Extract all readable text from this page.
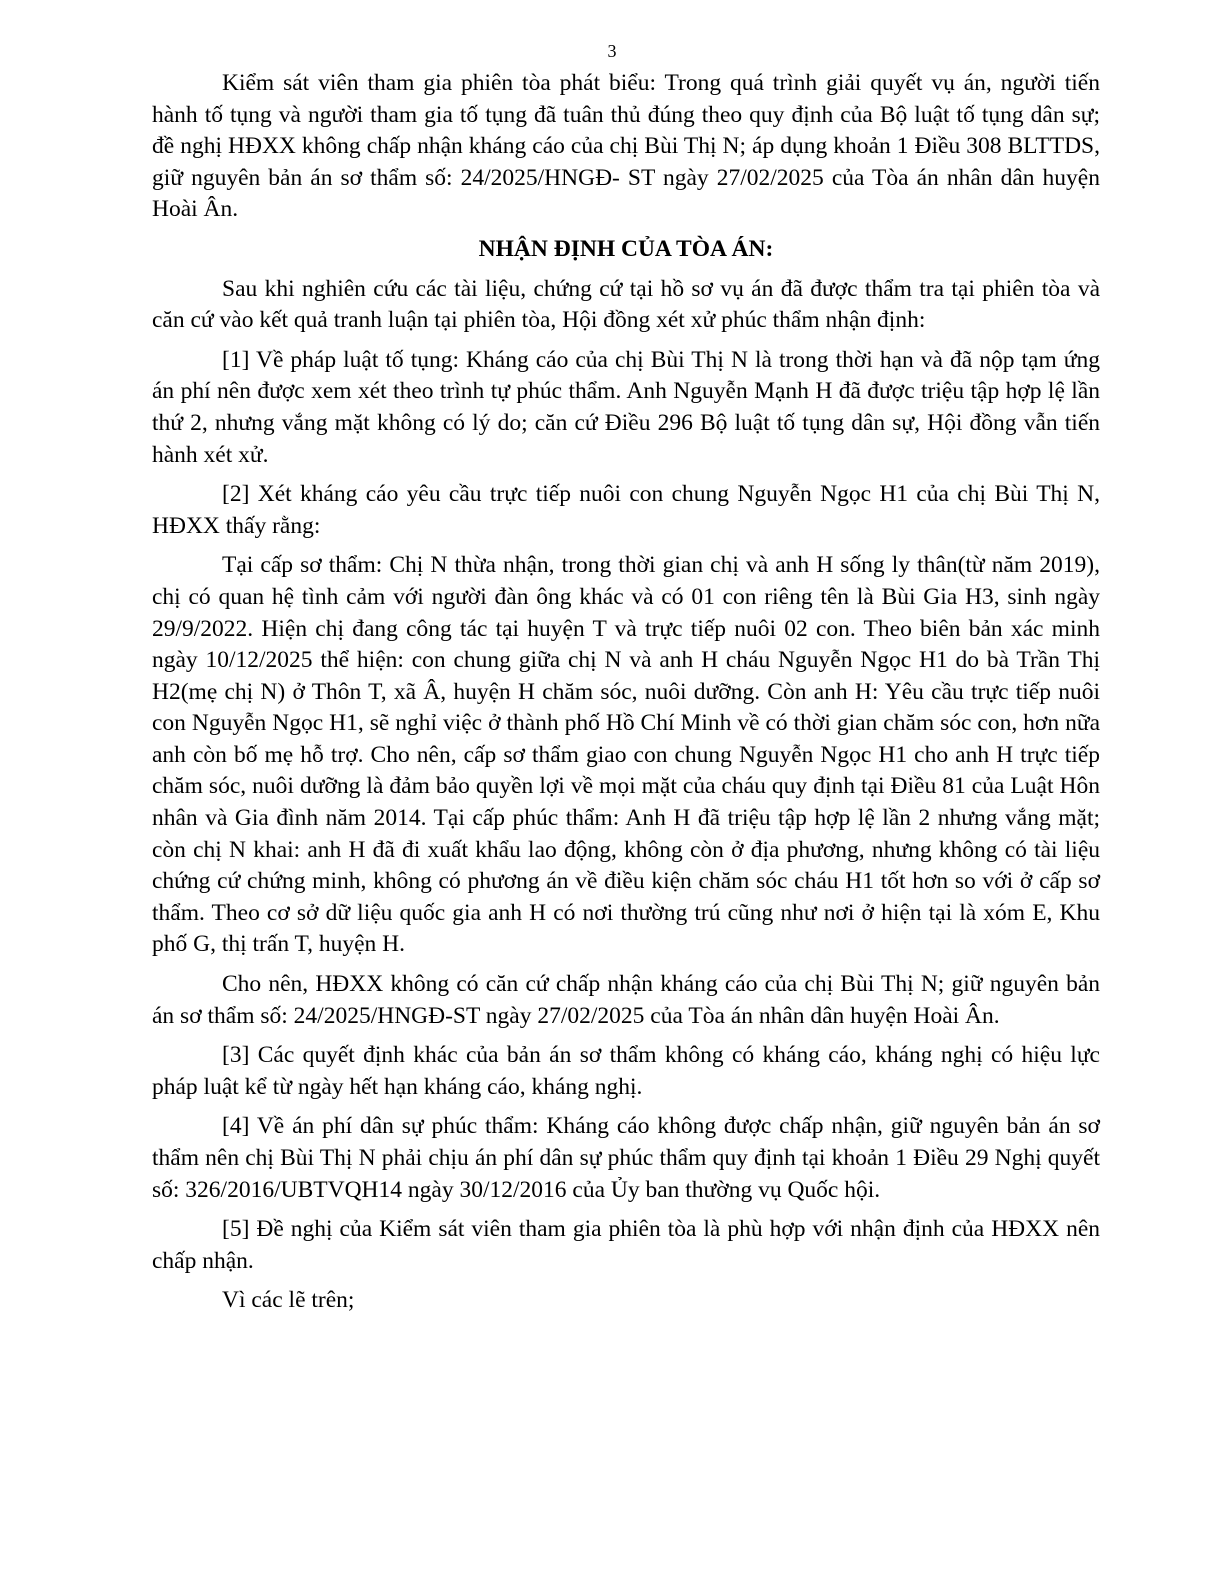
3

Kiểm sát viên tham gia phiên tòa phát biểu: Trong quá trình giải quyết vụ án, người tiến hành tố tụng và người tham gia tố tụng đã tuân thủ đúng theo quy định của Bộ luật tố tụng dân sự; đề nghị HĐXX không chấp nhận kháng cáo của chị Bùi Thị N; áp dụng khoản 1 Điều 308 BLTTDS, giữ nguyên bản án sơ thẩm số: 24/2025/HNGĐ- ST ngày 27/02/2025 của Tòa án nhân dân huyện Hoài Ân.

NHẬN ĐỊNH CỦA TÒA ÁN:

Sau khi nghiên cứu các tài liệu, chứng cứ tại hồ sơ vụ án đã được thẩm tra tại phiên tòa và căn cứ vào kết quả tranh luận tại phiên tòa, Hội đồng xét xử phúc thẩm nhận định:

[1] Về pháp luật tố tụng: Kháng cáo của chị Bùi Thị N là trong thời hạn và đã nộp tạm ứng án phí nên được xem xét theo trình tự phúc thẩm. Anh Nguyễn Mạnh H đã được triệu tập hợp lệ lần thứ 2, nhưng vắng mặt không có lý do; căn cứ Điều 296 Bộ luật tố tụng dân sự, Hội đồng vẫn tiến hành xét xử.

[2] Xét kháng cáo yêu cầu trực tiếp nuôi con chung Nguyễn Ngọc H1 của chị Bùi Thị N, HĐXX thấy rằng:

Tại cấp sơ thẩm: Chị N thừa nhận, trong thời gian chị và anh H sống ly thân(từ năm 2019), chị có quan hệ tình cảm với người đàn ông khác và có 01 con riêng tên là Bùi Gia H3, sinh ngày 29/9/2022. Hiện chị đang công tác tại huyện T và trực tiếp nuôi 02 con. Theo biên bản xác minh ngày 10/12/2025 thể hiện: con chung giữa chị N và anh H cháu Nguyễn Ngọc H1 do bà Trần Thị H2(mẹ chị N) ở Thôn T, xã Â, huyện H chăm sóc, nuôi dưỡng. Còn anh H: Yêu cầu trực tiếp nuôi con Nguyễn Ngọc H1, sẽ nghỉ việc ở thành phố Hồ Chí Minh về có thời gian chăm sóc con, hơn nữa anh còn bố mẹ hỗ trợ. Cho nên, cấp sơ thẩm giao con chung Nguyễn Ngọc H1 cho anh H trực tiếp chăm sóc, nuôi dưỡng là đảm bảo quyền lợi về mọi mặt của cháu quy định tại Điều 81 của Luật Hôn nhân và Gia đình năm 2014. Tại cấp phúc thẩm: Anh H đã triệu tập hợp lệ lần 2 nhưng vắng mặt; còn chị N khai: anh H đã đi xuất khẩu lao động, không còn ở địa phương, nhưng không có tài liệu chứng cứ chứng minh, không có phương án về điều kiện chăm sóc cháu H1 tốt hơn so với ở cấp sơ thẩm. Theo cơ sở dữ liệu quốc gia anh H có nơi thường trú cũng như nơi ở hiện tại là xóm E, Khu phố G, thị trấn T, huyện H.

Cho nên, HĐXX không có căn cứ chấp nhận kháng cáo của chị Bùi Thị N; giữ nguyên bản án sơ thẩm số: 24/2025/HNGĐ-ST ngày 27/02/2025 của Tòa án nhân dân huyện Hoài Ân.

[3] Các quyết định khác của bản án sơ thẩm không có kháng cáo, kháng nghị có hiệu lực pháp luật kể từ ngày hết hạn kháng cáo, kháng nghị.

[4] Về án phí dân sự phúc thẩm: Kháng cáo không được chấp nhận, giữ nguyên bản án sơ thẩm nên chị Bùi Thị N phải chịu án phí dân sự phúc thẩm quy định tại khoản 1 Điều 29 Nghị quyết số: 326/2016/UBTVQH14 ngày 30/12/2016 của Ủy ban thường vụ Quốc hội.

[5] Đề nghị của Kiểm sát viên tham gia phiên tòa là phù hợp với nhận định của HĐXX nên chấp nhận.

Vì các lẽ trên;
